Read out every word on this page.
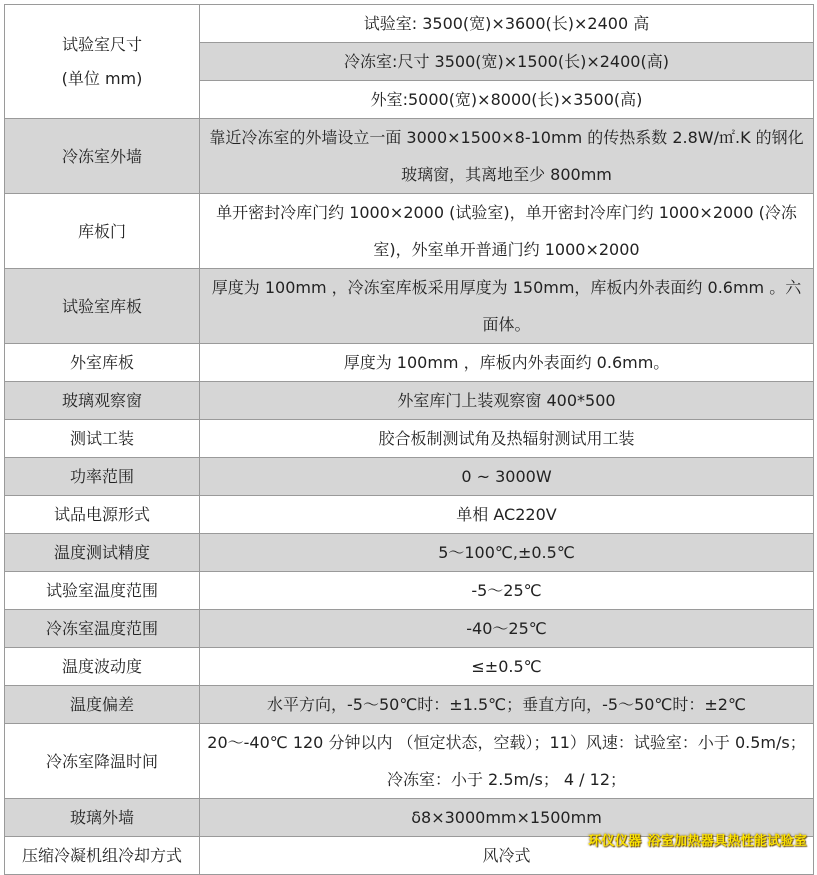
试验室尺寸
(单位 mm)	试验室: 3500(宽)×3600(长)×2400 高
	冷冻室:尺寸 3500(宽)×1500(长)×2400(高)
	外室:5000(宽)×8000(长)×3500(高)
冷冻室外墙	靠近冷冻室的外墙设立一面 3000×1500×8-10mm 的传热系数 2.8W/㎡.K 的钢化玻璃窗，其离地至少 800mm
库板门	单开密封冷库门约 1000×2000 (试验室)，单开密封冷库门约 1000×2000 (冷冻室)，外室单开普通门约 1000×2000
试验室库板	厚度为 100mm ，冷冻室库板采用厚度为 150mm，库板内外表面约 0.6mm 。六面体。
外室库板	厚度为 100mm ，库板内外表面约 0.6mm。
玻璃观察窗	外室库门上装观察窗 400*500
测试工装	胶合板制测试角及热辐射测试用工装
功率范围	0 ~ 3000W
试品电源形式	单相 AC220V
温度测试精度	5～100℃,±0.5℃
试验室温度范围	-5～25℃
冷冻室温度范围	-40～25℃
温度波动度	≤±0.5℃
温度偏差	水平方向，-5～50℃时：±1.5℃；垂直方向，-5～50℃时：±2℃
冷冻室降温时间	20～-40℃ 120 分钟以内 （恒定状态，空载）；11）风速：试验室：小于 0.5m/s；冷冻室：小于 2.5m/s； 4 / 12；
玻璃外墙	δ8×3000mm×1500mm
压缩冷凝机组冷却方式	风冷式
环仪仪器 浴室加热器具热性能试验室
